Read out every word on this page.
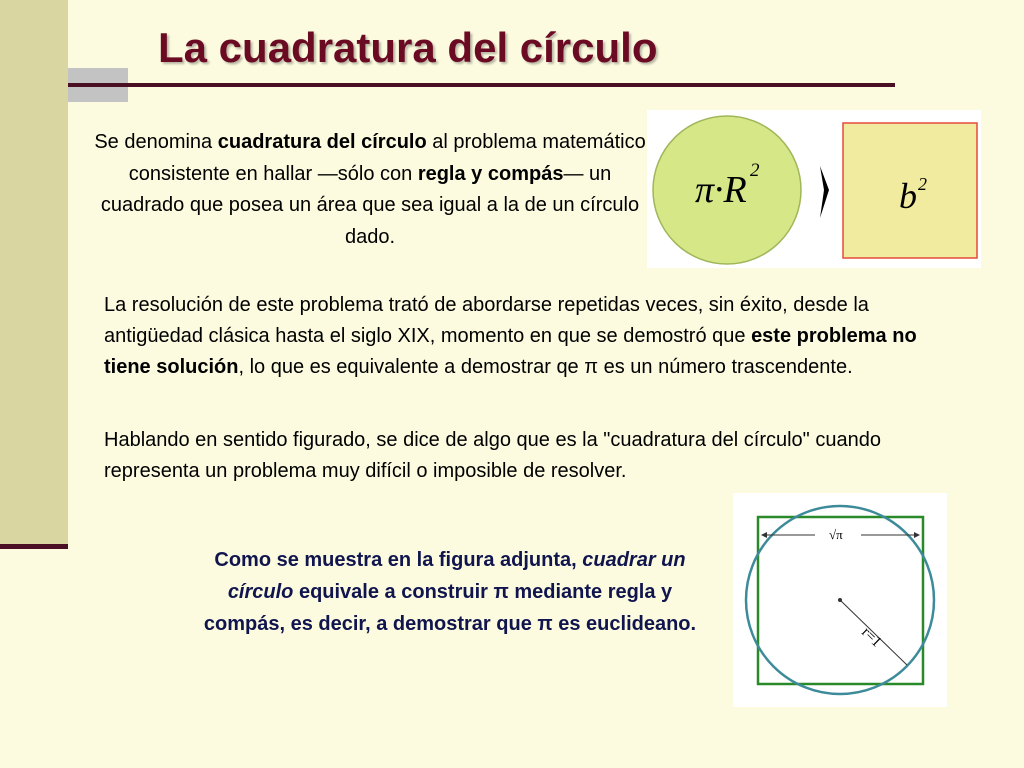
La cuadratura del círculo
Se denomina cuadratura del círculo al problema matemático consistente en hallar —sólo con regla y compás— un cuadrado que posea un área que sea igual a la de un círculo dado.
π·R 2
b 2
La resolución de este problema trató de abordarse repetidas veces, sin éxito, desde la antigüedad clásica hasta el siglo XIX, momento en que se demostró que este problema no tiene solución, lo que es equivalente a demostrar qe π es un número trascendente.
Hablando en sentido figurado, se dice de algo que es la "cuadratura del círculo" cuando representa un problema muy difícil o imposible de resolver.
Como se muestra en la figura adjunta, cuadrar un círculo equivale a construir π mediante regla y compás, es decir, a demostrar que π es euclideano.
√π
r=1
